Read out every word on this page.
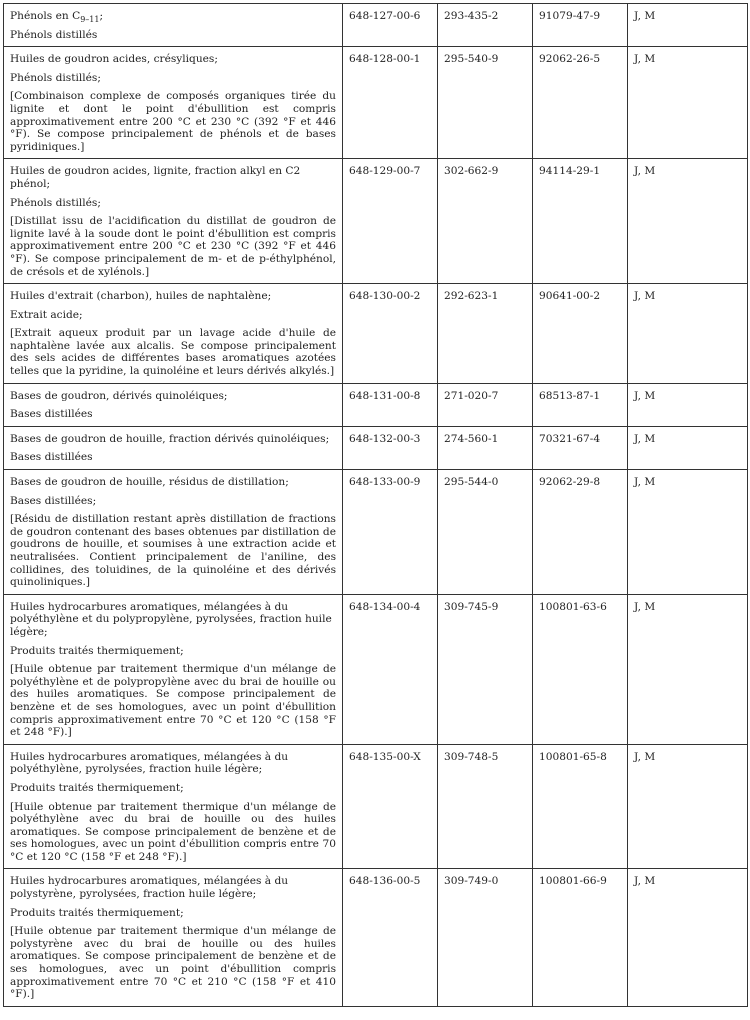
Phénols en $C_{9-11}$;
Phénols distillés	648-127-00-6	293-435-2	91079-47-9	J, M

Huiles de goudron acides, crésyliques;
Phénols distillés;
[Combinaison complexe de composés organiques tirée du lignite et dont le point d'ébullition est compris approximativement entre 200 °C et 230 °C (392 °F et 446 °F). Se compose principalement de phénols et de bases pyridiniques.]	648-128-00-1	295-540-9	92062-26-5	J, M

Huiles de goudron acides, lignite, fraction alkyl en C2 phénol;
Phénols distillés;
[Distillat issu de l'acidification du distillat de goudron de lignite lavé à la soude dont le point d'ébullition est compris approximativement entre 200 °C et 230 °C (392 °F et 446 °F). Se compose principalement de m- et de p-éthylphénol, de crésols et de xylénols.]	648-129-00-7	302-662-9	94114-29-1	J, M

Huiles d'extrait (charbon), huiles de naphtalène;
Extrait acide;
[Extrait aqueux produit par un lavage acide d'huile de naphtalène lavée aux alcalis. Se compose principalement des sels acides de différentes bases aromatiques azotées telles que la pyridine, la quinoléine et leurs dérivés alkylés.]	648-130-00-2	292-623-1	90641-00-2	J, M

Bases de goudron, dérivés quinoléiques;
Bases distillées	648-131-00-8	271-020-7	68513-87-1	J, M

Bases de goudron de houille, fraction dérivés quinoléiques;
Bases distillées	648-132-00-3	274-560-1	70321-67-4	J, M

Bases de goudron de houille, résidus de distillation;
Bases distillées;
[Résidu de distillation restant après distillation de fractions de goudron contenant des bases obtenues par distillation de goudrons de houille, et soumises à une extraction acide et neutralisées. Contient principalement de l'aniline, des collidines, des toluidines, de la quinoléine et des dérivés quinoliniques.]	648-133-00-9	295-544-0	92062-29-8	J, M

Huiles hydrocarbures aromatiques, mélangées à du polyéthylène et du polypropylène, pyrolysées, fraction huile légère;
Produits traités thermiquement;
[Huile obtenue par traitement thermique d'un mélange de polyéthylène et de polypropylène avec du brai de houille ou des huiles aromatiques. Se compose principalement de benzène et de ses homologues, avec un point d'ébullition compris approximativement entre 70 °C et 120 °C (158 °F et 248 °F).]	648-134-00-4	309-745-9	100801-63-6	J, M

Huiles hydrocarbures aromatiques, mélangées à du polyéthylène, pyrolysées, fraction huile légère;
Produits traités thermiquement;
[Huile obtenue par traitement thermique d'un mélange de polyéthylène avec du brai de houille ou des huiles aromatiques. Se compose principalement de benzène et de ses homologues, avec un point d'ébullition compris entre 70 °C et 120 °C (158 °F et 248 °F).]	648-135-00-X	309-748-5	100801-65-8	J, M

Huiles hydrocarbures aromatiques, mélangées à du polystyrène, pyrolysées, fraction huile légère;
Produits traités thermiquement;
[Huile obtenue par traitement thermique d'un mélange de polystyrène avec du brai de houille ou des huiles aromatiques. Se compose principalement de benzène et de ses homologues, avec un point d'ébullition compris approximativement entre 70 °C et 210 °C (158 °F et 410 °F).]	648-136-00-5	309-749-0	100801-66-9	J, M
